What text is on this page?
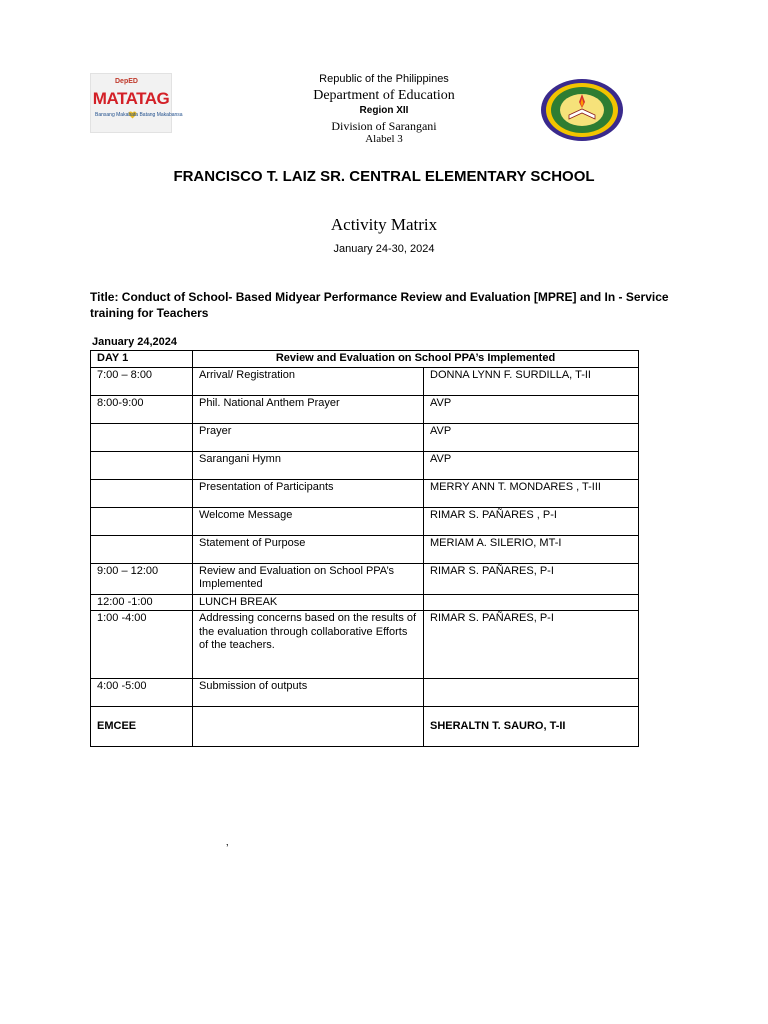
DepED
MATATAG
Bansang Makabata Batang Makabansa
Republic of the Philippines
Department of Education
Region XII
Division of Sarangani
Alabel 3
FRANCISCO T. LAIZ SR. CENTRAL ELEMENTARY SCHOOL
Activity Matrix
January 24-30, 2024
Title: Conduct of School- Based Midyear Performance Review and Evaluation [MPRE] and In - Service training for Teachers
January 24,2024
DAY 1	Review and Evaluation on School PPA’s Implemented	
7:00 – 8:00	Arrival/ Registration	DONNA LYNN F. SURDILLA, T-II
8:00-9:00	Phil. National Anthem Prayer	AVP
	Prayer	AVP
	Sarangani Hymn	AVP
	Presentation of Participants	MERRY ANN T. MONDARES , T-III
	Welcome Message	RIMAR S. PAÑARES , P-I
	Statement of Purpose	MERIAM A. SILERIO, MT-I
9:00 – 12:00	Review and Evaluation on School PPA’s Implemented	RIMAR S. PAÑARES, P-I
12:00 -1:00	LUNCH BREAK	
1:00 -4:00	Addressing concerns based on the results of the evaluation through collaborative Efforts of the teachers.	RIMAR S. PAÑARES, P-I
4:00 -5:00	Submission of outputs	
EMCEE		SHERALTN T. SAURO, T-II
‚
